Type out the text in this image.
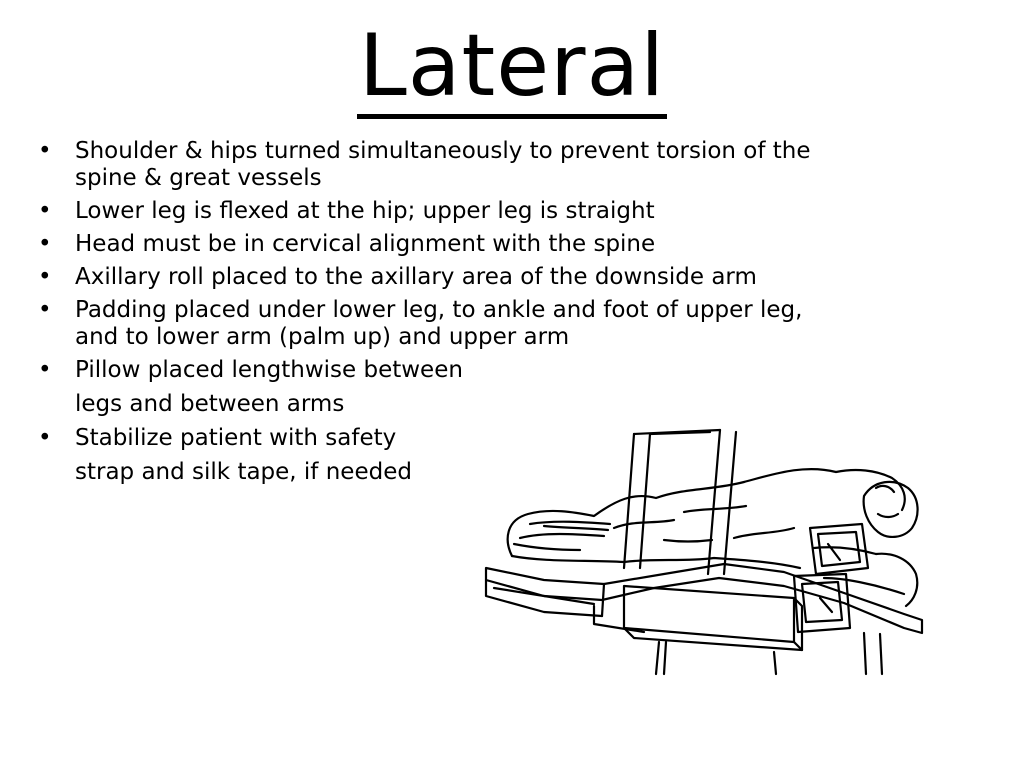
Lateral
• Shoulder & hips turned simultaneously to prevent torsion of the
spine & great vessels
• Lower leg is flexed at the hip; upper leg is straight
• Head must be in cervical alignment with the spine
• Axillary roll placed to the axillary area of the downside arm
• Padding placed under lower leg, to ankle and foot of upper leg,
and to lower arm (palm up) and upper arm
• Pillow placed lengthwise between
legs and between arms
• Stabilize patient with safety
strap and silk tape, if needed
